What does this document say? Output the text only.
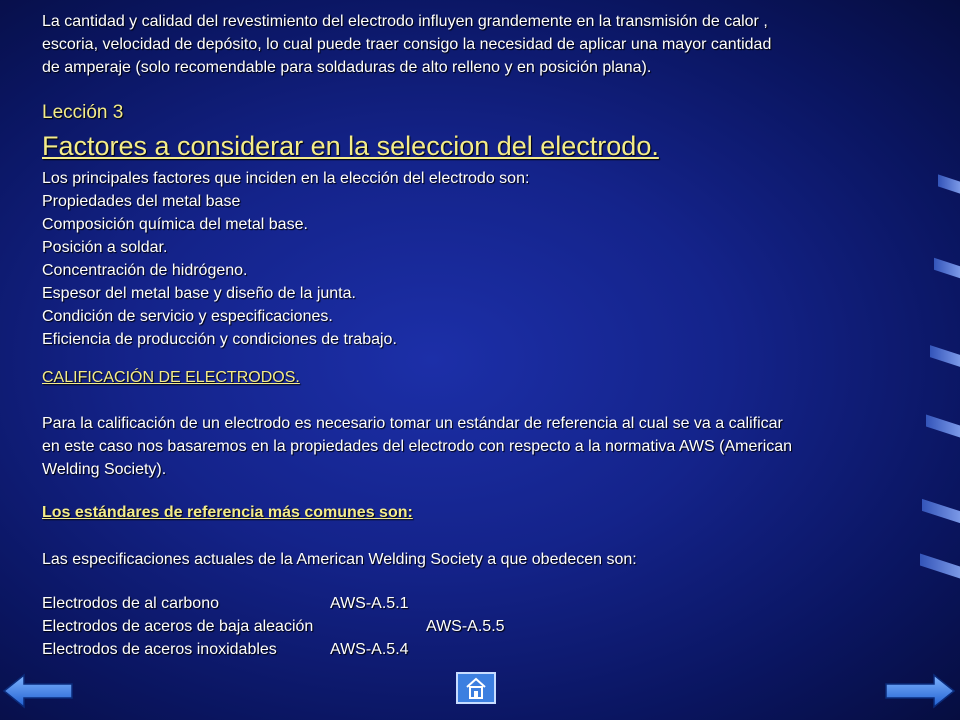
La cantidad y calidad del revestimiento del electrodo influyen grandemente en la transmisión de calor ,
escoria, velocidad de depósito, lo cual puede traer consigo la necesidad de aplicar una mayor cantidad
de amperaje (solo recomendable para soldaduras de alto relleno y en posición plana).
Lección 3
Factores a considerar en la seleccion del electrodo.
Los principales factores que inciden en la elección del electrodo son:
Propiedades del metal base
Composición química del metal base.
Posición a soldar.
Concentración de hidrógeno.
Espesor del metal base y diseño de la junta.
Condición de servicio y especificaciones.
Eficiencia de producción y condiciones de trabajo.
CALIFICACIÓN DE ELECTRODOS.
Para la calificación de un electrodo es necesario tomar un estándar de referencia al cual se va a calificar
en este caso nos basaremos en la propiedades del electrodo con respecto a la normativa AWS (American
Welding Society).
Los estándares de referencia más comunes son:
Las especificaciones actuales de la American Welding Society a que obedecen son:
Electrodos de al carbono	AWS-A.5.1
Electrodos de aceros de baja aleación	AWS-A.5.5
Electrodos de aceros inoxidables	AWS-A.5.4
